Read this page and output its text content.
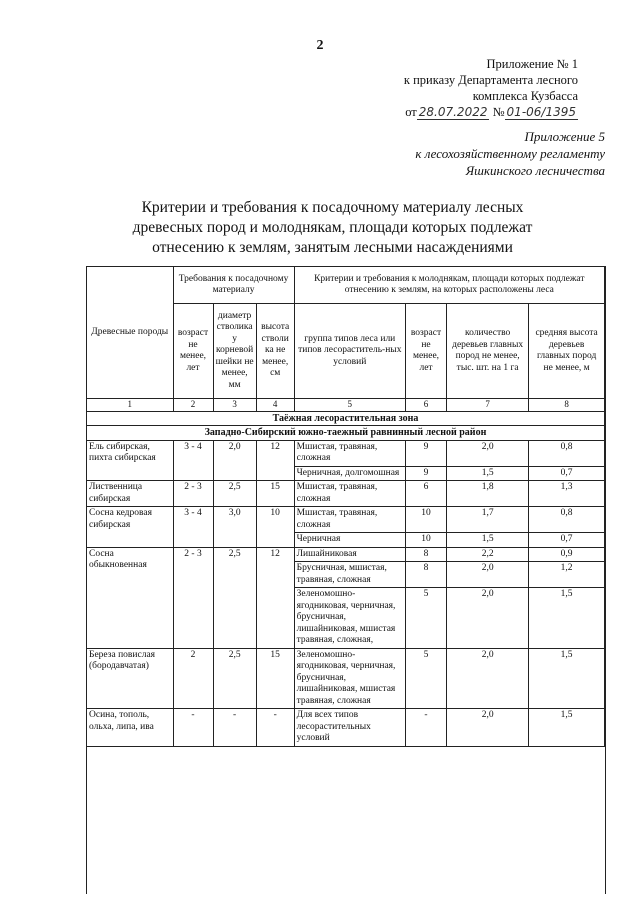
2
Приложение № 1
к приказу Департамента лесного
комплекса Кузбасса
от 28.07.2022 № 01-06/1395
Приложение 5
к лесохозяйственному регламенту
Яшкинского лесничества
Критерии и требования к посадочному материалу лесных
древесных пород и молоднякам, площади которых подлежат
отнесению к землям, занятым лесными насаждениями
Древесные породы	Требования к посадочному материалу			Критерии и требования к молоднякам, площади которых подлежат отнесению к землям, на которых расположены леса			
	возраст не менее, лет	диаметр стволика у корневой шейки не менее, мм	высота стволи ка не менее, см	группа типов леса или типов лесораститель-ных условий	возраст не менее, лет	количество деревьев главных пород не менее, тыс. шт. на 1 га	средняя высота деревьев главных пород не менее, м
1	2	3	4	5	6	7	8
Таёжная лесорастительная зона							
Западно-Сибирский южно-таежный равнинный лесной район							
Ель сибирская, пихта сибирская	3 - 4	2,0	12	Мшистая, травяная, сложная	9	2,0	0,8
				Черничная, долгомошная	9	1,5	0,7
Лиственница сибирская	2 - 3	2,5	15	Мшистая, травяная, сложная	6	1,8	1,3
Сосна кедровая сибирская	3 - 4	3,0	10	Мшистая, травяная, сложная	10	1,7	0,8
				Черничная	10	1,5	0,7
Сосна обыкновенная	2 - 3	2,5	12	Лишайниковая	8	2,2	0,9
				Брусничная, мшистая, травяная, сложная	8	2,0	1,2
				Зеленомошно-ягодниковая, черничная, брусничная, лишайниковая, мшистая травяная, сложная,	5	2,0	1,5
Береза повислая (бородавчатая)	2	2,5	15	Зеленомошно-ягодниковая, черничная, брусничная, лишайниковая, мшистая травяная, сложная	5	2,0	1,5
Осина, тополь, ольха, липа, ива	-	-	-	Для всех типов лесорастительных условий	-	2,0	1,5
